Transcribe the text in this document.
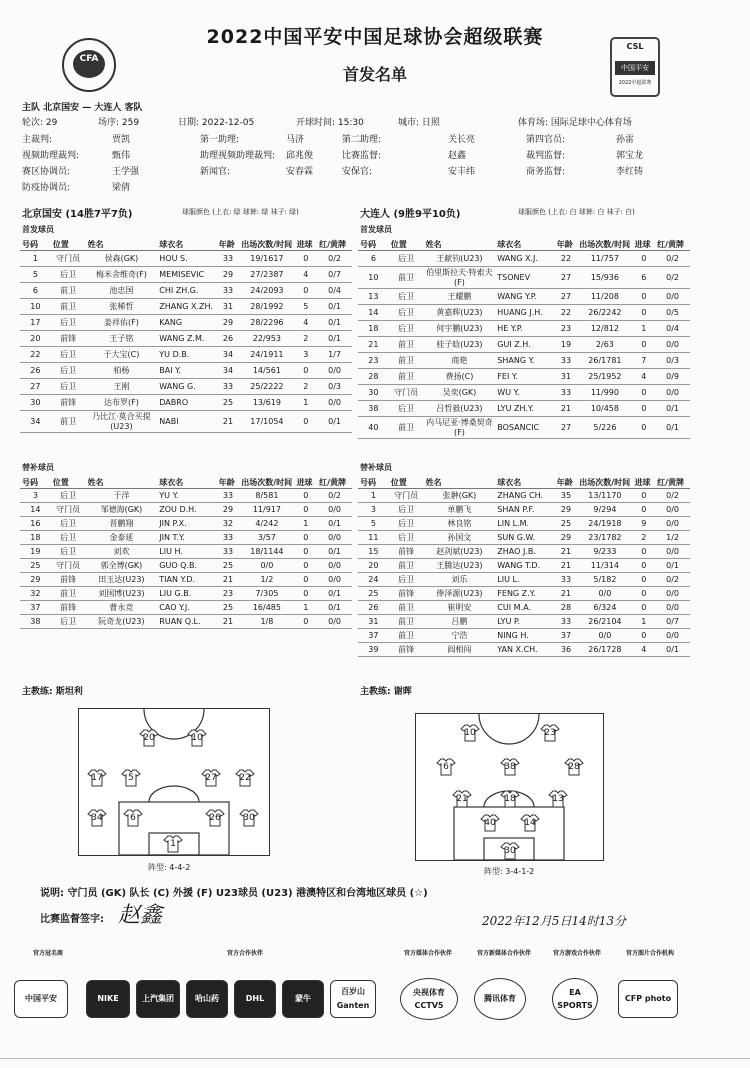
CFA
2022中国平安中国足球协会超级联赛
首发名单
CSL
中国平安
2022中超联赛
主队 北京国安 — 大连人 客队
轮次: 29	场序: 259	日期: 2022-12-05	开球时间: 15:30	城市: 日照	体育场: 国际足球中心体育场
主裁判:	贾凯	第一助理:	马济	第二助理:	关长亮	第四官员:	孙雷
视频助理裁判:	甄伟	助理视频助理裁判: 邱兆俊	比赛监督:	赵鑫	裁判监督:	郭宝龙
赛区协调员:	王学强	新闻官:	安春霖	安保官:	安丰纬	商务监督:	李红铸
防疫协调员:	梁倩
北京国安 (14胜7平7负)	球服颜色 (上衣: 绿 球裤: 绿 袜子: 绿)	大连人 (9胜9平10负)	球服颜色 (上衣: 白 球裤: 白 袜子: 白)
首发球员	首发球员
号码	位置	姓名	球衣名	年龄	出场次数/时间	进球	红/黄牌
1	守门员	侯森(GK)	HOU S.	33	19/1617	0	0/2
5	后卫	梅米舍维奇(F)	MEMISEVIC	29	27/2387	4	0/7
6	前卫	池忠国	CHI ZH.G.	33	24/2093	0	0/4
10	前卫	张稀哲	ZHANG X.ZH.	31	28/1992	5	0/1
17	后卫	姜祥佑(F)	KANG	29	28/2296	4	0/1
20	前锋	王子铭	WANG Z.M.	26	22/953	2	0/1
22	后卫	于大宝(C)	YU D.B.	34	24/1911	3	1/7
26	后卫	柏杨	BAI Y.	34	14/561	0	0/0
27	后卫	王刚	WANG G.	33	25/2222	2	0/3
30	前锋	达布罗(F)	DABRO	25	13/619	1	0/0
34	前卫	乃比江·莫合买提(U23)	NABI	21	17/1054	0	0/1
号码	位置	姓名	球衣名	年龄	出场次数/时间	进球	红/黄牌
6	后卫	王献钧(U23)	WANG X.J.	22	11/757	0	0/2
10	前卫	伯里斯拉夫·特索夫(F)	TSONEV	27	15/936	6	0/2
13	后卫	王耀鹏	WANG Y.P.	27	11/208	0	0/0
14	后卫	黄嘉辉(U23)	HUANG J.H.	22	26/2242	0	0/5
18	后卫	何宇鹏(U23)	HE Y.P.	23	12/812	1	0/4
21	前卫	桂子晗(U23)	GUI Z.H.	19	2/63	0	0/0
23	前卫	商艳	SHANG Y.	33	26/1781	7	0/3
28	前卫	费扬(C)	FEI Y.	31	25/1952	4	0/9
30	守门员	吴奕(GK)	WU Y.	33	11/990	0	0/0
38	后卫	吕哲毅(U23)	LYU ZH.Y.	21	10/458	0	0/1
40	前卫	内马尼亚·博桑契奇(F)	BOSANCIC	27	5/226	0	0/1
替补球员	替补球员
号码	位置	姓名	球衣名	年龄	出场次数/时间	进球	红/黄牌
3	后卫	于洋	YU Y.	33	8/581	0	0/2
14	守门员	邹德海(GK)	ZOU D.H.	29	11/917	0	0/0
16	后卫	晋鹏翔	JIN P.X.	32	4/242	1	0/1
18	后卫	金泰延	JIN T.Y.	33	3/57	0	0/0
19	后卫	刘欢	LIU H.	33	18/1144	0	0/1
25	守门员	郭全博(GK)	GUO Q.B.	25	0/0	0	0/0
29	前锋	田玉达(U23)	TIAN Y.D.	21	1/2	0	0/0
32	前卫	刘国博(U23)	LIU G.B.	23	7/305	0	0/1
37	前锋	曹永竞	CAO Y.J.	25	16/485	1	0/1
38	后卫	阮奇龙(U23)	RUAN Q.L.	21	1/8	0	0/0
号码	位置	姓名	球衣名	年龄	出场次数/时间	进球	红/黄牌
1	守门员	张翀(GK)	ZHANG CH.	35	13/1170	0	0/2
3	后卫	单鹏飞	SHAN P.F.	29	9/294	0	0/0
5	后卫	林良铭	LIN L.M.	25	24/1918	9	0/0
11	后卫	孙国文	SUN G.W.	29	23/1782	2	1/2
15	前锋	赵剑斌(U23)	ZHAO J.B.	21	9/233	0	0/0
20	前卫	王腾达(U23)	WANG T.D.	21	11/314	0	0/1
24	后卫	刘乐	LIU L.	33	5/182	0	0/2
25	前锋	俸泽源(U23)	FENG Z.Y.	21	0/0	0	0/0
26	前卫	崔明安	CUI M.A.	28	6/324	0	0/0
31	前卫	吕鹏	LYU P.	33	26/2104	1	0/7
37	前卫	宁浩	NING H.	37	0/0	0	0/0
39	前锋	阎相闯	YAN X.CH.	36	26/1728	4	0/1
主教练: 斯坦利	主教练: 谢晖
17	5	27	22
20	10
6	26
34	30
1
阵型: 4-4-2
10	23
6	38	28
21	18	13
40	14
30
阵型: 3-4-1-2
说明: 守门员 (GK) 队长 (C) 外援 (F) U23球员 (U23) 港澳特区和台湾地区球员 (☆)
比赛监督签字: 赵鑫	2022年12月5日14时13分
官方冠名商	官方合作伙伴	官方媒体合作伙伴	官方新媒体合作伙伴	官方游戏合作伙伴	官方图片合作机构
中国平安	NIKE	上汽集团	哈山药	DHL	蒙牛
百岁山 Ganten
央视体育 CCTV5
腾讯体育
EA SPORTS
CFP photo
